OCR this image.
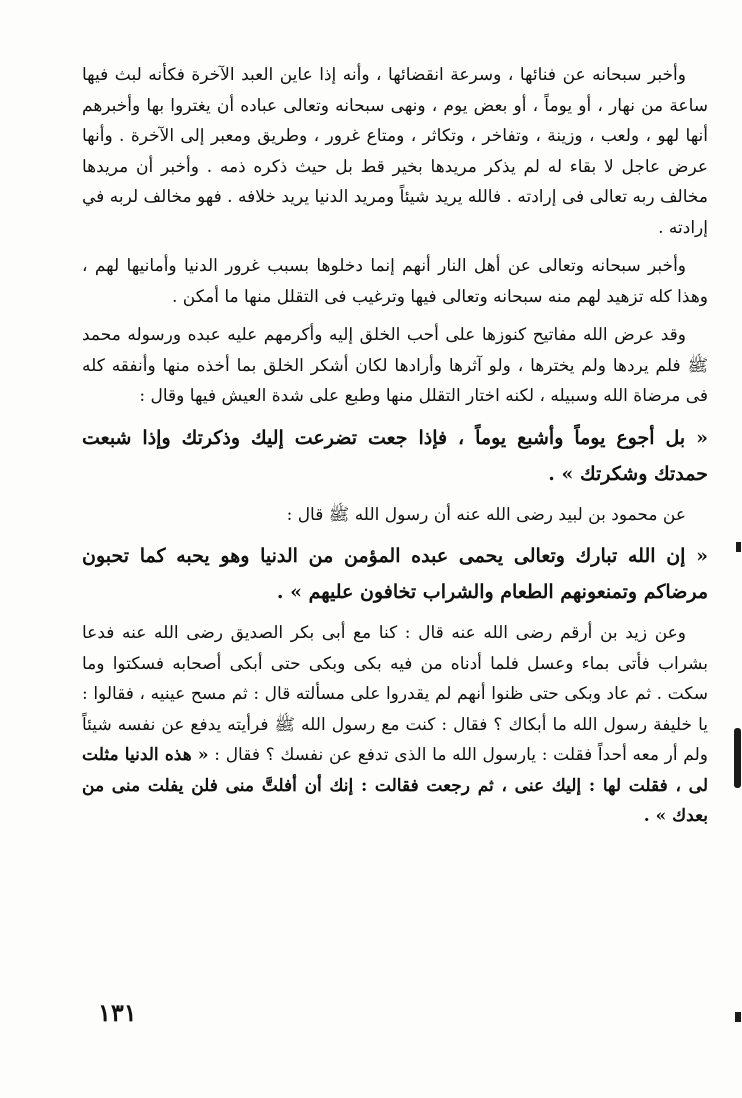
وأخبر سبحانه عن فنائها ، وسرعة انقضائها ، وأنه إذا عاين العبد الآخرة فكأنه لبث فيها ساعة من نهار ، أو يوماً ، أو بعض يوم ، ونهى سبحانه وتعالى عباده أن يغتروا بها وأخبرهم أنها لهو ، ولعب ، وزينة ، وتفاخر ، وتكاثر ، ومتاع غرور ، وطريق ومعبر إلى الآخرة . وأنها عرض عاجل لا بقاء له لم يذكر مريدها بخير قط بل حيث ذكره ذمه . وأخبر أن مريدها مخالف ربه تعالى فى إرادته . فالله يريد شيئاً ومريد الدنيا يريد خلافه . فهو مخالف لربه في إرادته .

وأخبر سبحانه وتعالى عن أهل النار أنهم إنما دخلوها بسبب غرور الدنيا وأمانيها لهم ، وهذا كله تزهيد لهم منه سبحانه وتعالى فيها وترغيب فى التقلل منها ما أمكن .

وقد عرض الله مفاتيح كنوزها على أحب الخلق إليه وأكرمهم عليه عبده ورسوله محمد ﷺ فلم يردها ولم يخترها ، ولو آثرها وأرادها لكان أشكر الخلق بما أخذه منها وأنفقه كله فى مرضاة الله وسبيله ، لكنه اختار التقلل منها وطبع على شدة العيش فيها وقال :

« بل أجوع يوماً وأشبع يوماً ، فإذا جعت تضرعت إليك وذكرتك وإذا شبعت حمدتك وشكرتك » .

عن محمود بن لبيد رضى الله عنه أن رسول الله ﷺ قال :

« إن الله تبارك وتعالى يحمى عبده المؤمن من الدنيا وهو يحبه كما تحبون مرضاكم وتمنعونهم الطعام والشراب تخافون عليهم » .

وعن زيد بن أرقم رضى الله عنه قال : كنا مع أبى بكر الصديق رضى الله عنه فدعا بشراب فأتى بماء وعسل فلما أدناه من فيه بكى وبكى حتى أبكى أصحابه فسكتوا وما سكت . ثم عاد وبكى حتى ظنوا أنهم لم يقدروا على مسألته قال : ثم مسح عينيه ، فقالوا : يا خليفة رسول الله ما أبكاك ؟ فقال : كنت مع رسول الله ﷺ فرأيته يدفع عن نفسه شيئاً ولم أر معه أحداً فقلت : يارسول الله ما الذى تدفع عن نفسك ؟ فقال : « هذه الدنيا مثلت لى ، فقلت لها : إليك عنى ، ثم رجعت فقالت : إنك أن أفلتَّ منى فلن يفلت منى من بعدك » .

١٣١
